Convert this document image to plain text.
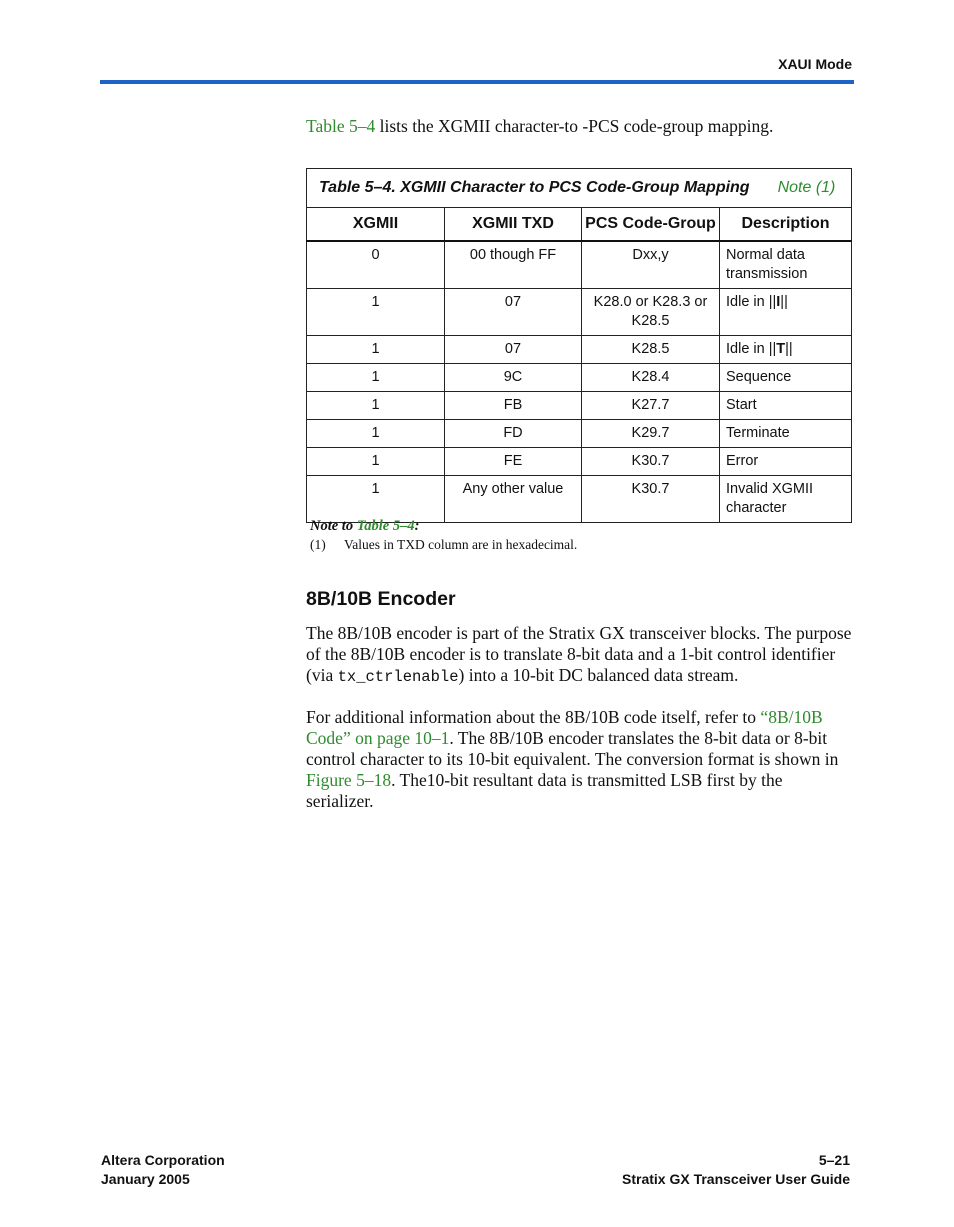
XAUI Mode
Table 5–4 lists the XGMII character-to -PCS code-group mapping.
Table 5–4. XGMII Character to PCS Code-Group Mapping Note (1)			
XGMII	XGMII TXD	PCS Code-Group	Description
0	00 though FF	Dxx,y	Normal data transmission
1	07	K28.0 or K28.3 or K28.5	Idle in ||I||
1	07	K28.5	Idle in ||T||
1	9C	K28.4	Sequence
1	FB	K27.7	Start
1	FD	K29.7	Terminate
1	FE	K30.7	Error
1	Any other value	K30.7	Invalid XGMII character
Note to Table 5–4:
(1) Values in TXD column are in hexadecimal.
8B/10B Encoder

The 8B/10B encoder is part of the Stratix GX transceiver blocks. The purpose of the 8B/10B encoder is to translate 8-bit data and a 1-bit control identifier (via tx_ctrlenable) into a 10-bit DC balanced data stream.

For additional information about the 8B/10B code itself, refer to “8B/10B Code” on page 10–1. The 8B/10B encoder translates the 8-bit data or 8-bit control character to its 10-bit equivalent. The conversion format is shown in Figure 5–18. The10-bit resultant data is transmitted LSB first by the serializer.

Altera Corporation
January 2005
5–21
Stratix GX Transceiver User Guide
